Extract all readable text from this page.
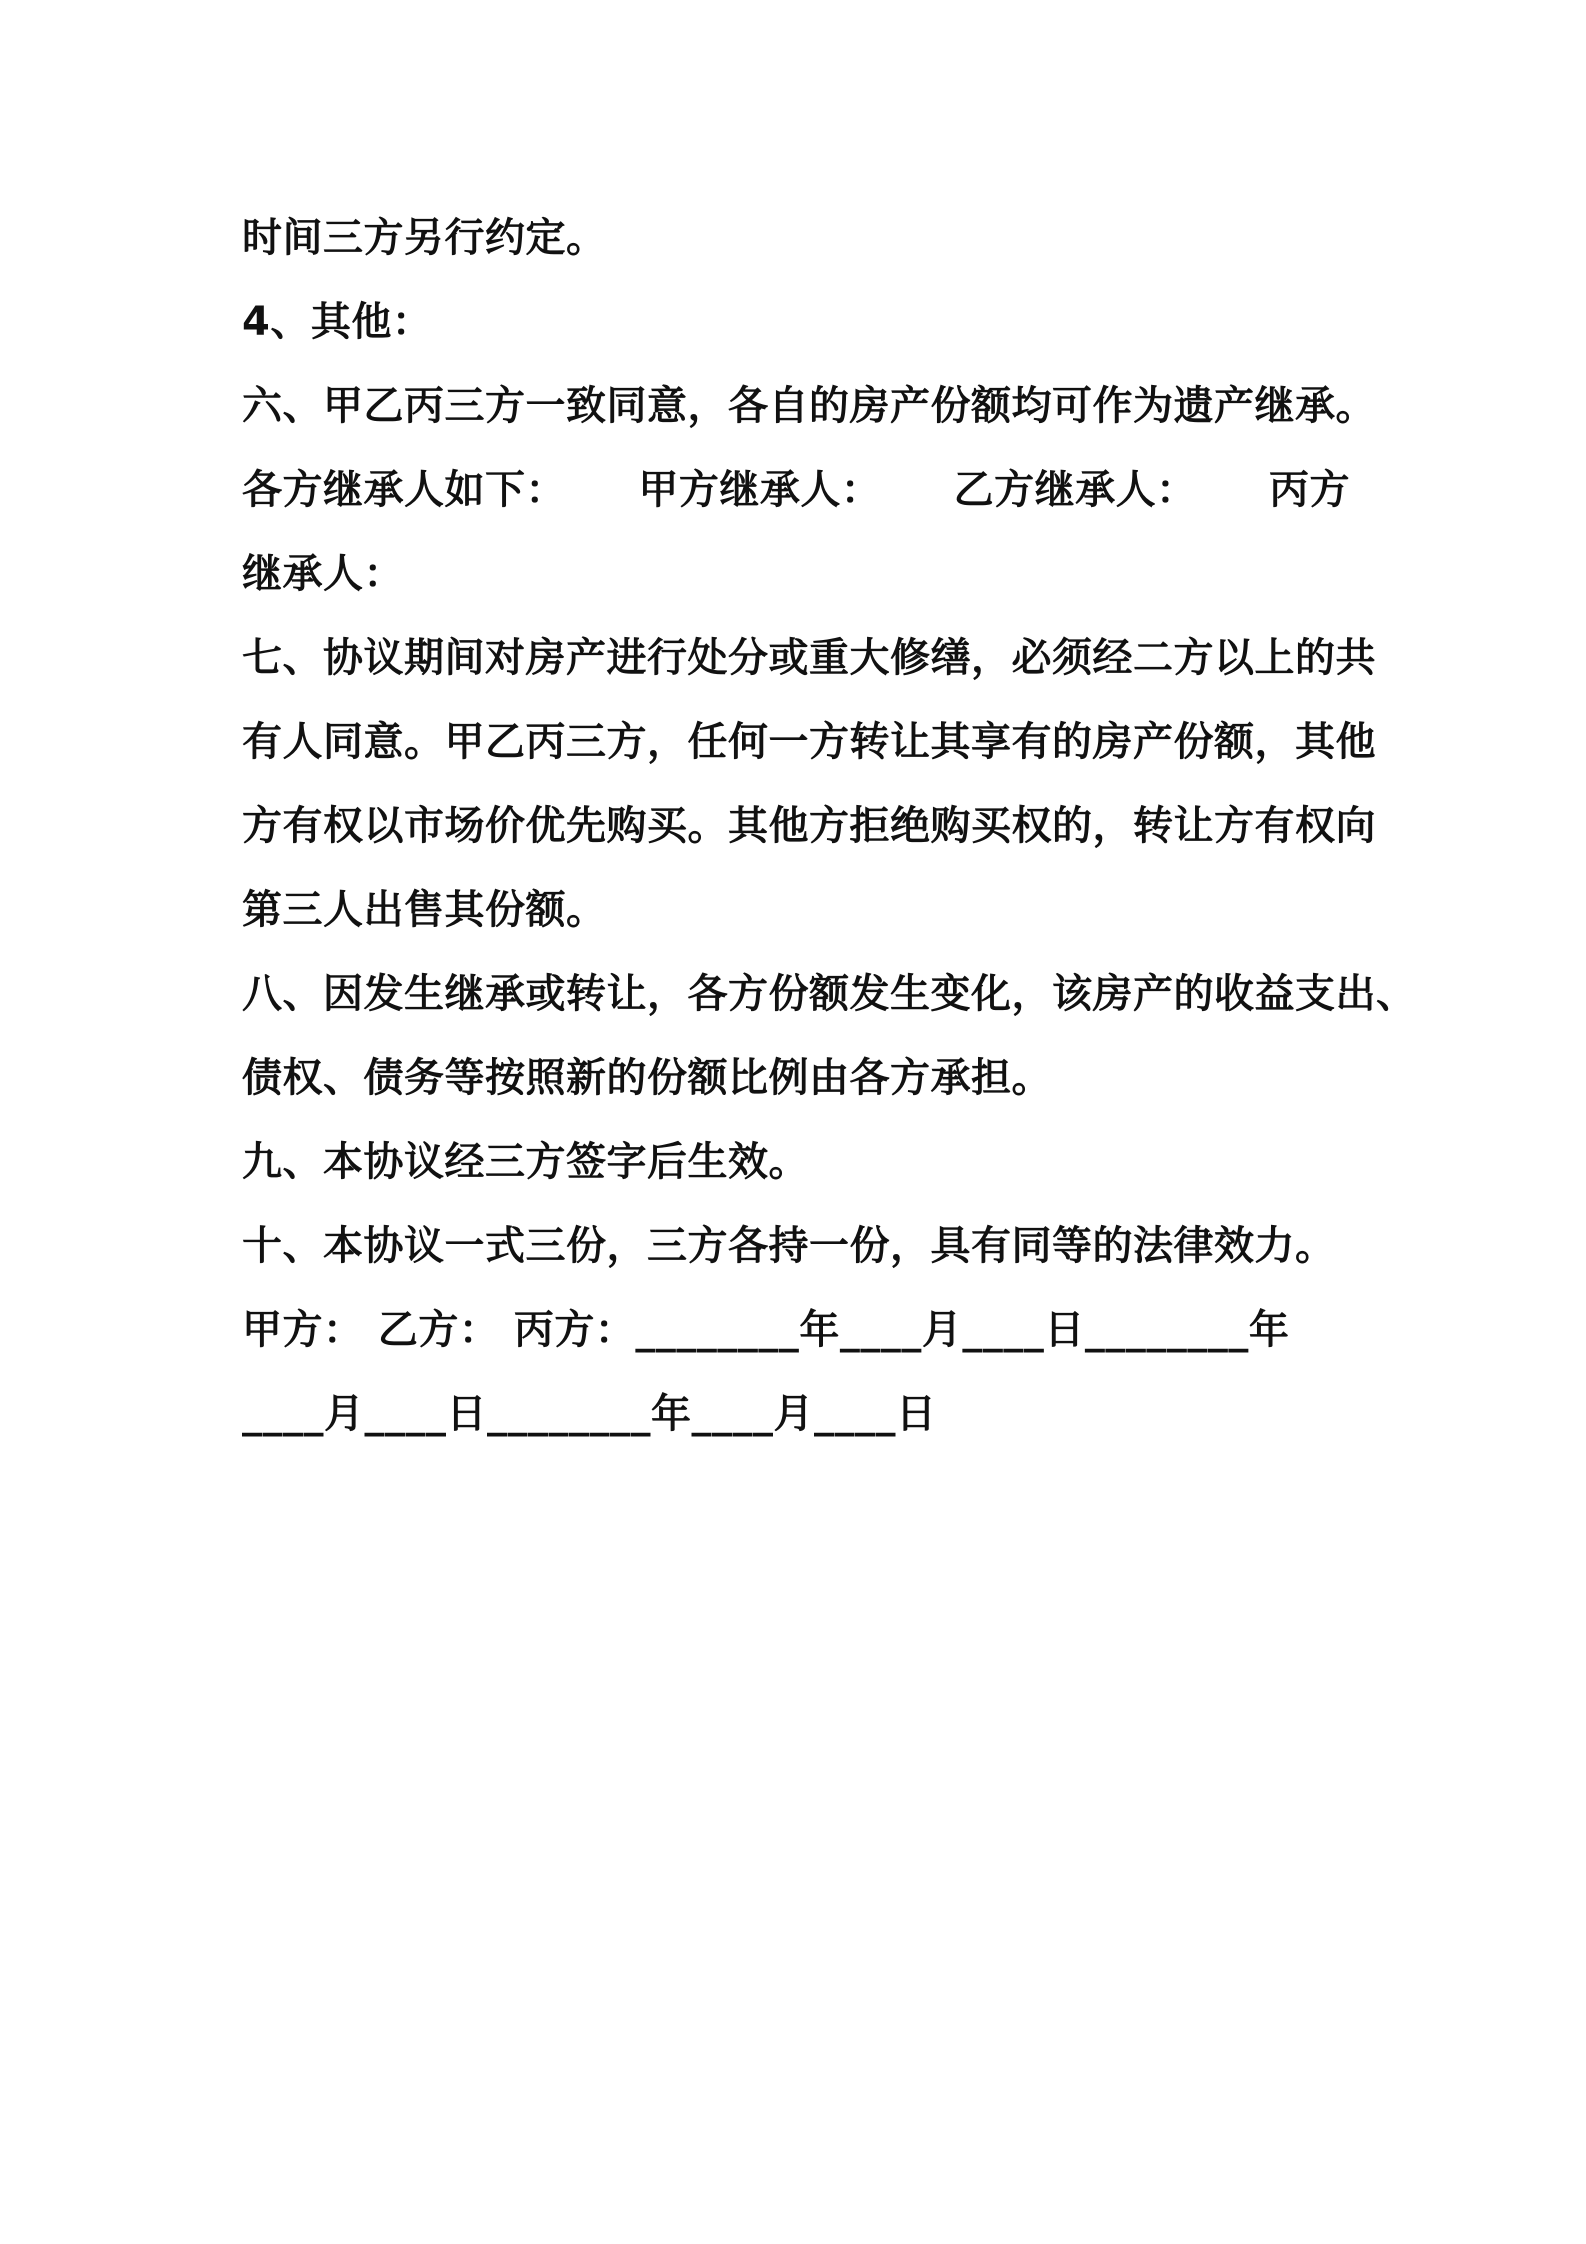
时间三方另行约定。
4、其他：
六、甲乙丙三方一致同意，各自的房产份额均可作为遗产继承。
各方继承人如下： 甲方继承人： 乙方继承人： 丙方
继承人：
七、协议期间对房产进行处分或重大修缮，必须经二方以上的共
有人同意。甲乙丙三方，任何一方转让其享有的房产份额，其他
方有权以市场价优先购买。其他方拒绝购买权的，转让方有权向
第三人出售其份额。
八、因发生继承或转让，各方份额发生变化，该房产的收益支出、
债权、债务等按照新的份额比例由各方承担。
九、本协议经三方签字后生效。
十、本协议一式三份，三方各持一份，具有同等的法律效力。
甲方： 乙方： 丙方：________年____月____日________年
____月____日________年____月____日
